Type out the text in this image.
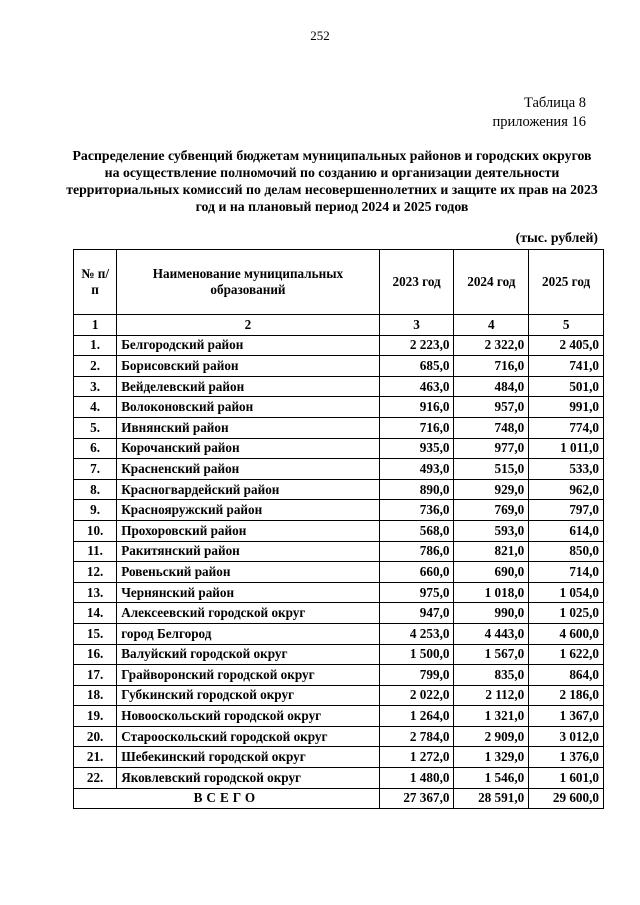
252
Таблица 8
приложения 16
Распределение субвенций бюджетам муниципальных районов и городских округов на осуществление полномочий по созданию и организации деятельности территориальных комиссий по делам несовершеннолетних и защите их прав на 2023 год и на плановый период 2024 и 2025 годов
(тыс. рублей)
№ п/п	Наименование муниципальных образований	2023 год	2024 год	2025 год
1	2	3	4	5
1.	Белгородский район	2 223,0	2 322,0	2 405,0
2.	Борисовский район	685,0	716,0	741,0
3.	Вейделевский район	463,0	484,0	501,0
4.	Волоконовский район	916,0	957,0	991,0
5.	Ивнянский район	716,0	748,0	774,0
6.	Корочанский район	935,0	977,0	1 011,0
7.	Красненский район	493,0	515,0	533,0
8.	Красногвардейский район	890,0	929,0	962,0
9.	Краснояружский район	736,0	769,0	797,0
10.	Прохоровский район	568,0	593,0	614,0
11.	Ракитянский район	786,0	821,0	850,0
12.	Ровеньский район	660,0	690,0	714,0
13.	Чернянский район	975,0	1 018,0	1 054,0
14.	Алексеевский городской округ	947,0	990,0	1 025,0
15.	город Белгород	4 253,0	4 443,0	4 600,0
16.	Валуйский городской округ	1 500,0	1 567,0	1 622,0
17.	Грайворонский городской округ	799,0	835,0	864,0
18.	Губкинский городской округ	2 022,0	2 112,0	2 186,0
19.	Новооскольский городской округ	1 264,0	1 321,0	1 367,0
20.	Старооскольский городской округ	2 784,0	2 909,0	3 012,0
21.	Шебекинский городской округ	1 272,0	1 329,0	1 376,0
22.	Яковлевский городской округ	1 480,0	1 546,0	1 601,0
ВСЕГО		27 367,0	28 591,0	29 600,0
